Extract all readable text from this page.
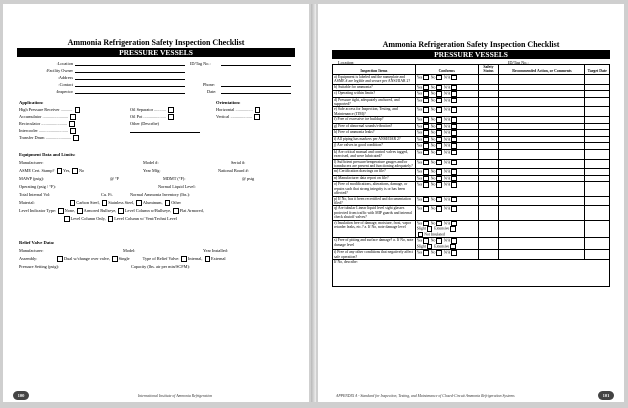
Ammonia Refrigeration Safety Inspection Checklist
PRESSURE VESSELS
Location:
Facility Owner:
Address:
Contact:
Inspector:
ID/Tag No.:
Phone:
Date:
Application:	Orientation:
High Pressure Receiver ...........
Accumulator ........................
Recirculator ........................
Intercooler ...........................
Transfer Drum ........................
Oil Separator ...........
Oil Pot .....................
Other (Describe)
Horizontal ................
Vertical ....................
Equipment Data and Limits:
Manufacturer:	Model #:	Serial #:
ASME Cert. Stamp? Yes, No	Year Mfg:	National Board #:
MAWP (psig):	@ °F	MDMT (°F):	@ psig
Operating (psig / °F):	Normal Liquid Level:
Total Internal Vol:	Cu. Ft.	Normal Ammonia Inventory (lbs.):
Material:	Carbon Steel, Stainless Steel, Aluminum, Other
Level Indicator Type: None, Armored Bullseye, Level Column w/Bullseye, Flat Armored,
Level Column Only, Level Column w/ Vent/Techni Level
Relief Valve Data:
Manufacturer:	Model:	Year Installed:
Assembly:	Dual w/change over valve, Single	Type of Relief Valve: Internal, External
Pressure Setting (psig):	Capacity (lbs. air per min/SCFM):
100	International Institute of Ammonia Refrigeration
Ammonia Refrigeration Safety Inspection Checklist
PRESSURE VESSELS
Location:	ID/Tag No.:
Inspection Items	Conforms	Safety Status	Recommended Action, or Comments	Target Date
a) Equipment is labeled and the nameplate and ASME # are legible and secure per ANSI/IIAR 2?	Yes No N/A			
b) Suitable for ammonia?	Yes No N/A			
c) Operating within limits?	Yes No N/A			
d) Pressure tight, adequately anchored, and supported?	Yes No N/A			
e) Safe access for Inspection, Testing, and Maintenance (ITM)?	Yes No N/A			
f) Free of excessive ice buildup?	Yes No N/A			
g) Free of abnormal sounds/vibration?	Yes No N/A			
h) Free of ammonia leaks?	Yes No N/A			
i) All piping has markers per ANSI/IIAR 2?	Yes No N/A			
j) Are valves in good condition?	Yes No N/A			
k) Are critical manual and control valves tagged, exercised, and were lubricated?	Yes No N/A			
l) Sufficient pressure/temperature gauges and/or transducers are present and functioning adequately?	Yes No N/A			
m) Certification drawings on file?	Yes No N/A			
n) Manufacturer data report on file?	Yes No N/A			
o) Free of modifications, alterations, damage, or repairs such that strong integrity is or has been affected?	Yes No N/A			
p) If No, has it been recertified and documentation filed?	Yes No N/A			
q) Are tubular Linear liquid level sight glasses protected from traffic with MIP guards and internal check shutoff valves?	Yes No N/A			
r) Insulation free of damage, moisture, frost, vapor retarder leaks, etc.? a. If No, note damage level	Yes No N/A
Slight Extensive
Not Insulated			
s) Free of pitting and surface damage? a. If No, note damage level	Yes No N/A
Slight Extensive			
t) Free of any other conditions that negatively affect safe operation?	Yes No N/A			
If No, describe:				
101
APPENDIX A - Standard for Inspection, Testing, and Maintenance of Closed-Circuit Ammonia Refrigeration Systems
